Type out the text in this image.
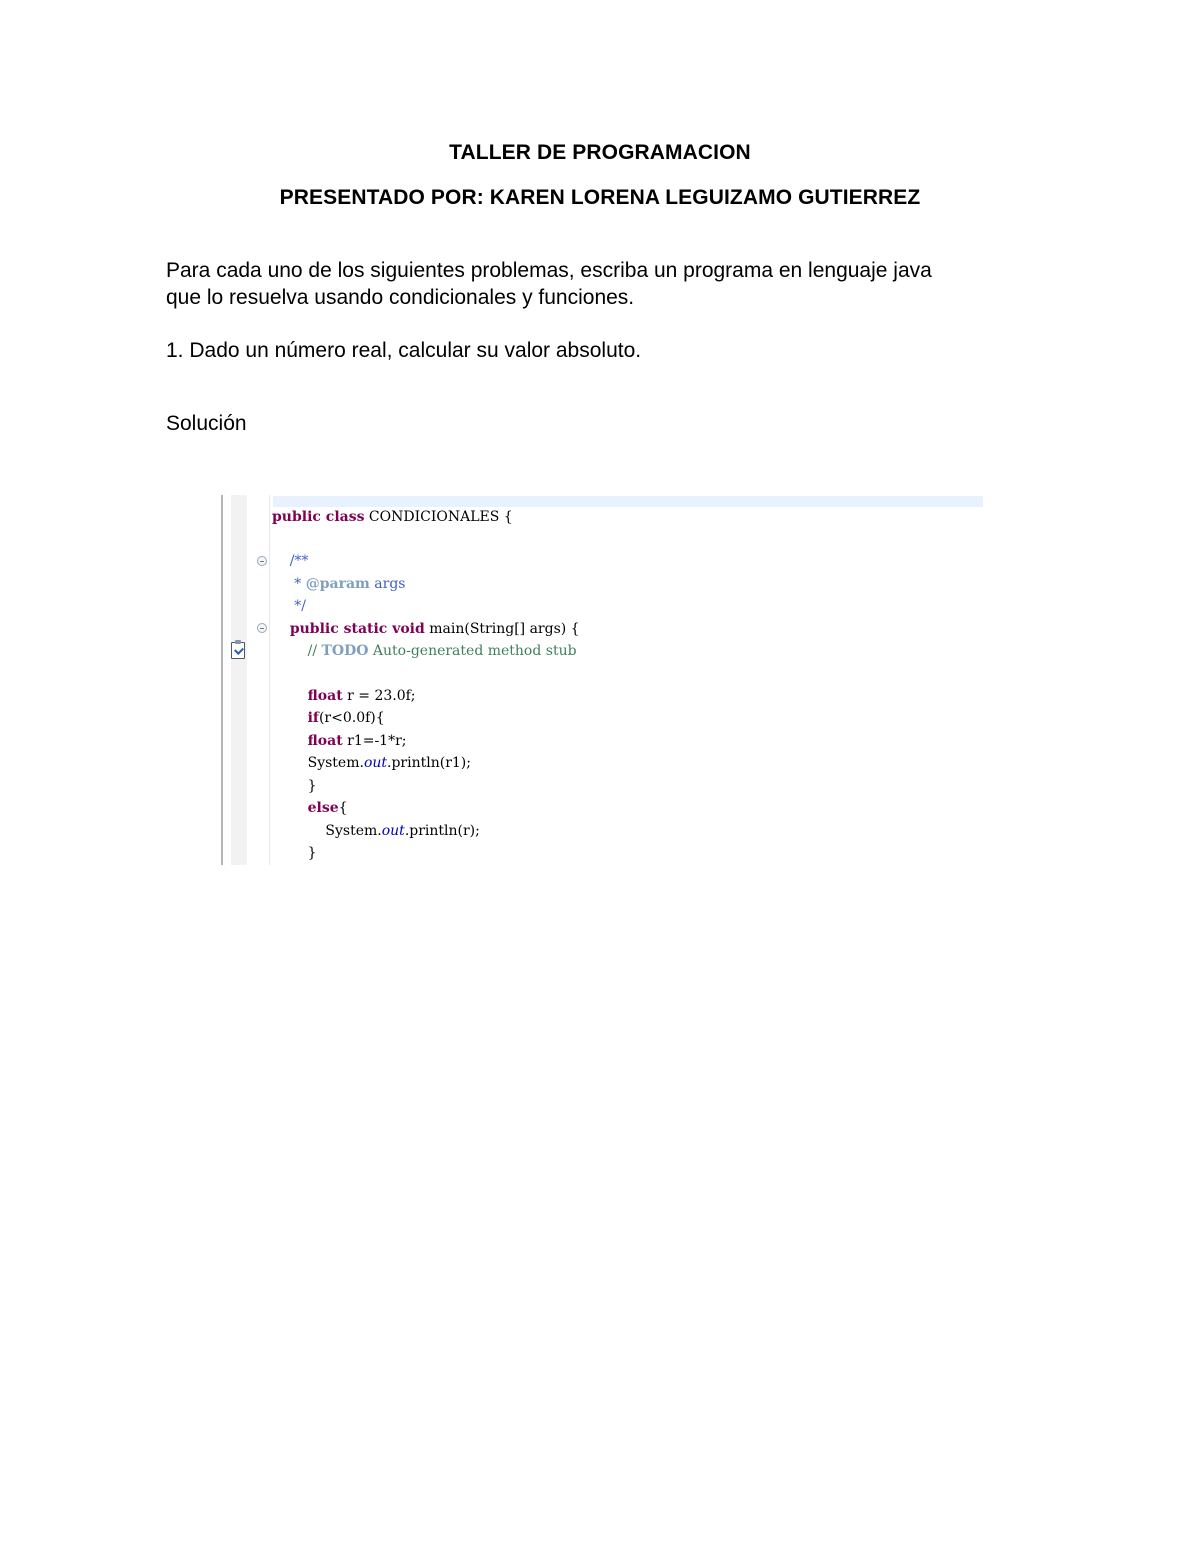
TALLER DE PROGRAMACION
PRESENTADO POR: KAREN LORENA LEGUIZAMO GUTIERREZ
Para cada uno de los siguientes problemas, escriba un programa en lenguaje java
que lo resuelva usando condicionales y funciones.
1. Dado un número real, calcular su valor absoluto.
Solución
public class CONDICIONALES {
/**
* @param args
*/
public static void main(String[] args) {
// TODO Auto-generated method stub
float r = 23.0f;
if(r<0.0f){
float r1=-1*r;
System.out.println(r1);
}
else{
System.out.println(r);
}
